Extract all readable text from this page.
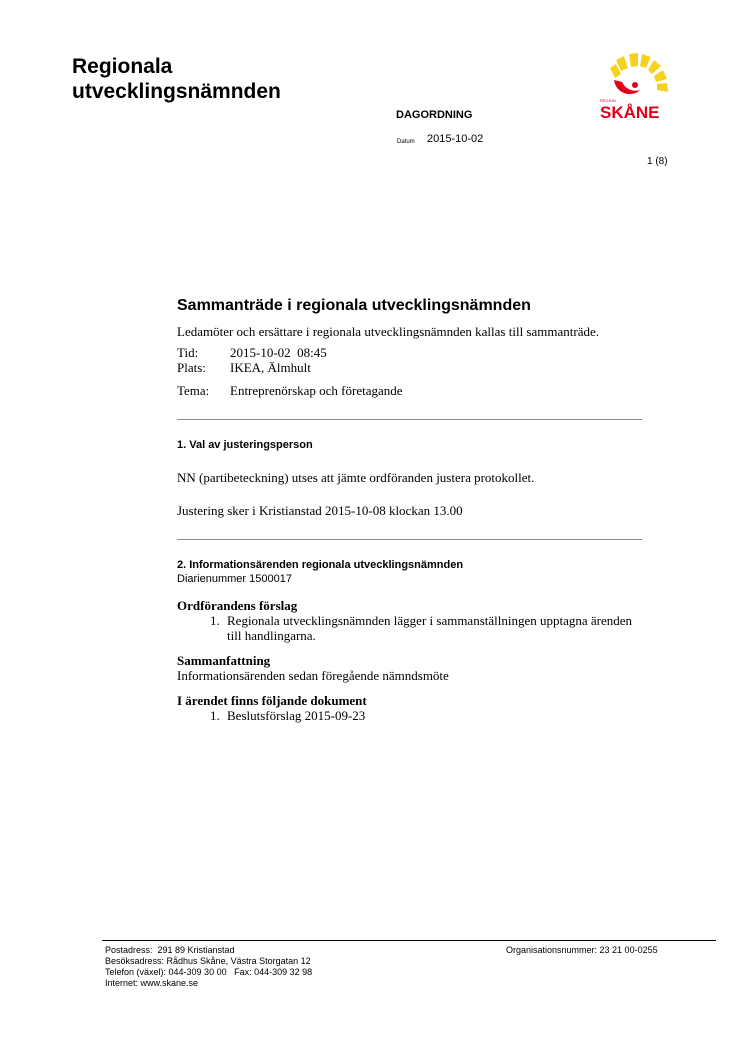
Regionala
utvecklingsnämnden
DAGORDNING
Datum 2015-10-02
1 (8)
REGION
SKÅNE
Sammanträde i regionala utvecklingsnämnden

Ledamöter och ersättare i regionala utvecklingsnämnden kallas till sammanträde.

Tid:	2015-10-02  08:45
Plats:	IKEA, Älmhult
Tema:	Entreprenörskap och företagande
1. Val av justeringsperson

NN (partibeteckning) utses att jämte ordföranden justera protokollet.

Justering sker i Kristianstad 2015-10-08 klockan 13.00

2. Informationsärenden regionala utvecklingsnämnden

Diarienummer 1500017

Ordförandens förslag
1. Regionala utvecklingsnämnden lägger i sammanställningen upptagna ärenden till handlingarna.
Sammanfattning

Informationsärenden sedan föregående nämndsmöte

I ärendet finns följande dokument
1. Beslutsförslag 2015-09-23
Postadress:  291 89 Kristianstad
Besöksadress: Rådhus Skåne, Västra Storgatan 12
Telefon (växel): 044-309 30 00   Fax: 044-309 32 98
Internet: www.skane.se
Organisationsnummer: 23 21 00-0255
